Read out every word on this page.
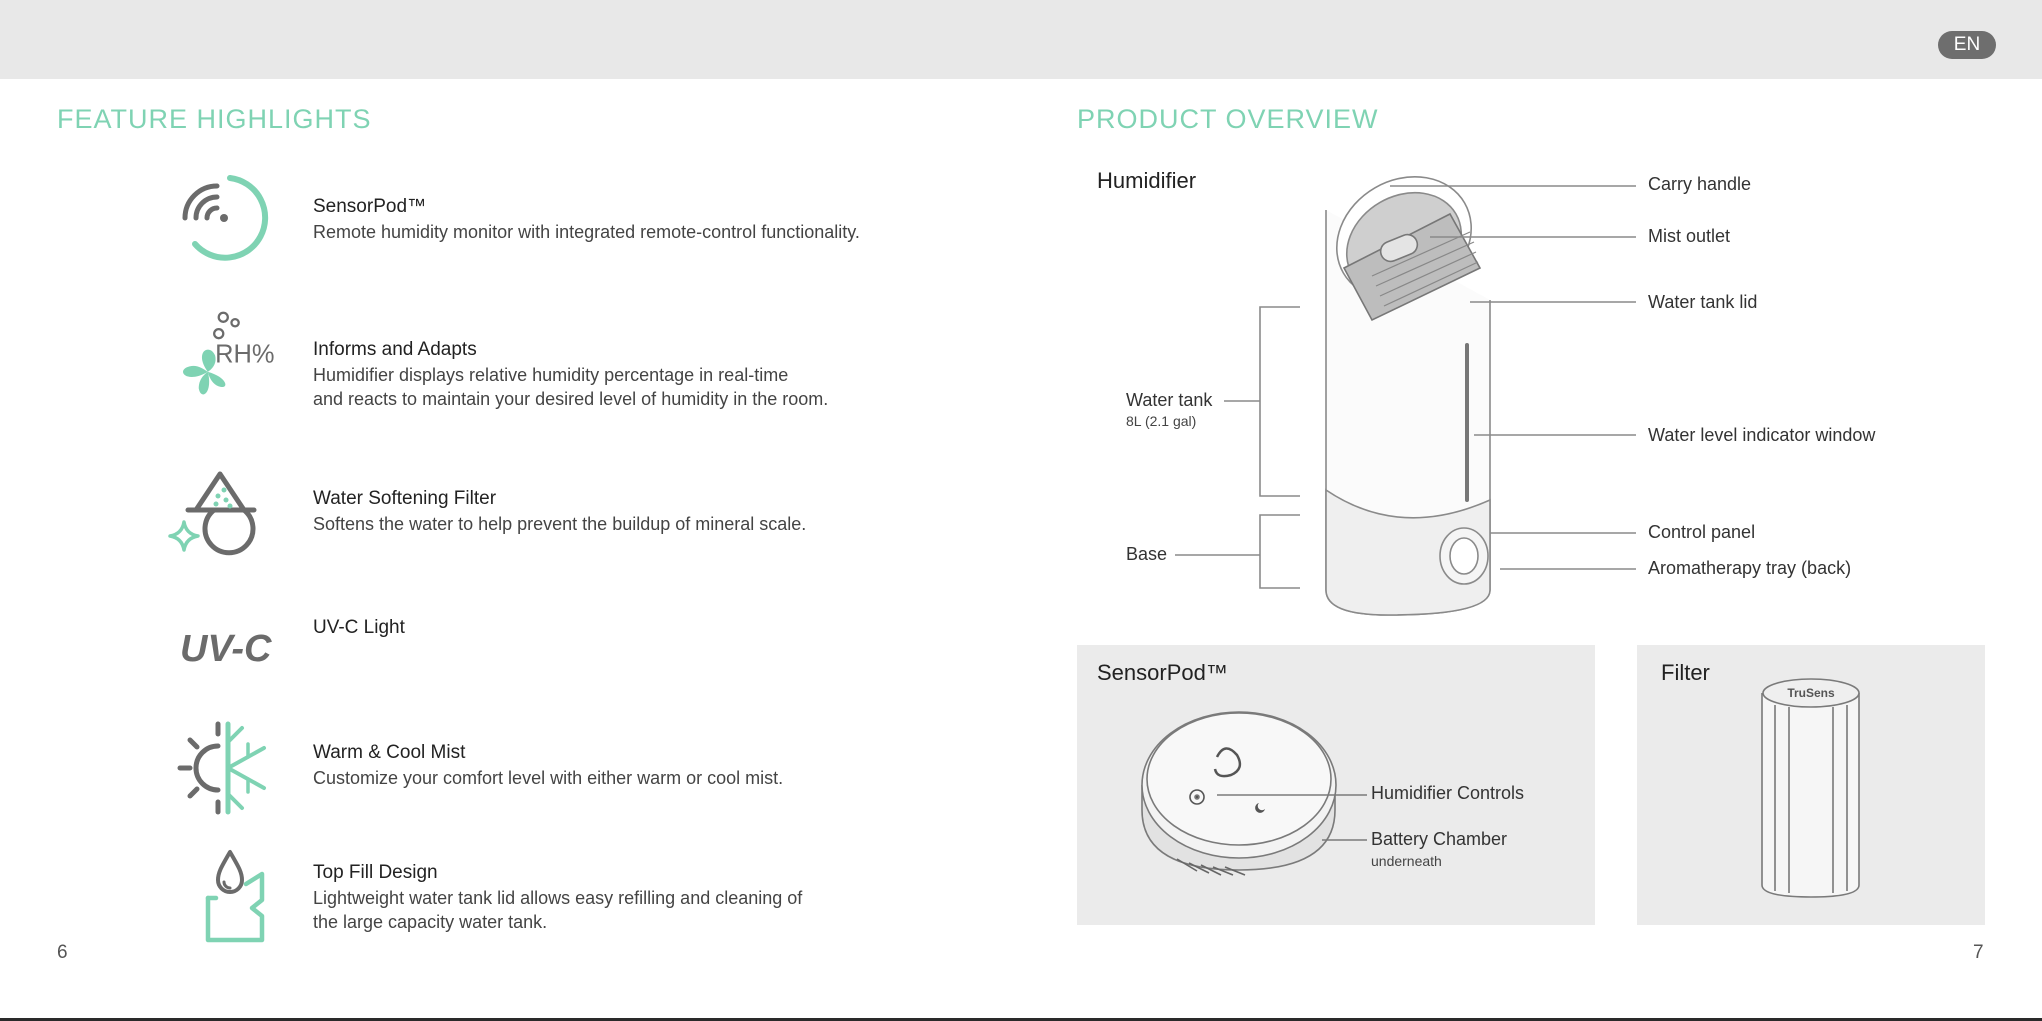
EN
FEATURE HIGHLIGHTS
SensorPod™
Remote humidity monitor with integrated remote-control functionality.
RH% Informs and Adapts
Humidifier displays relative humidity percentage in real-time
and reacts to maintain your desired level of humidity in the room.
Water Softening Filter
Softens the water to help prevent the buildup of mineral scale.
UV-C
UV-C Light
Warm & Cool Mist
Customize your comfort level with either warm or cool mist.
Top Fill Design
Lightweight water tank lid allows easy refilling and cleaning of
the large capacity water tank.
6
PRODUCT OVERVIEW
Humidifier	Carry handle
Mist outlet
Water tank lid
Water level indicator window
Control panel
Aromatherapy tray (back)
Water tank
8L (2.1 gal)
Base
SensorPod™
Humidifier Controls
Battery Chamber
underneath
Filter
TruSens
7
